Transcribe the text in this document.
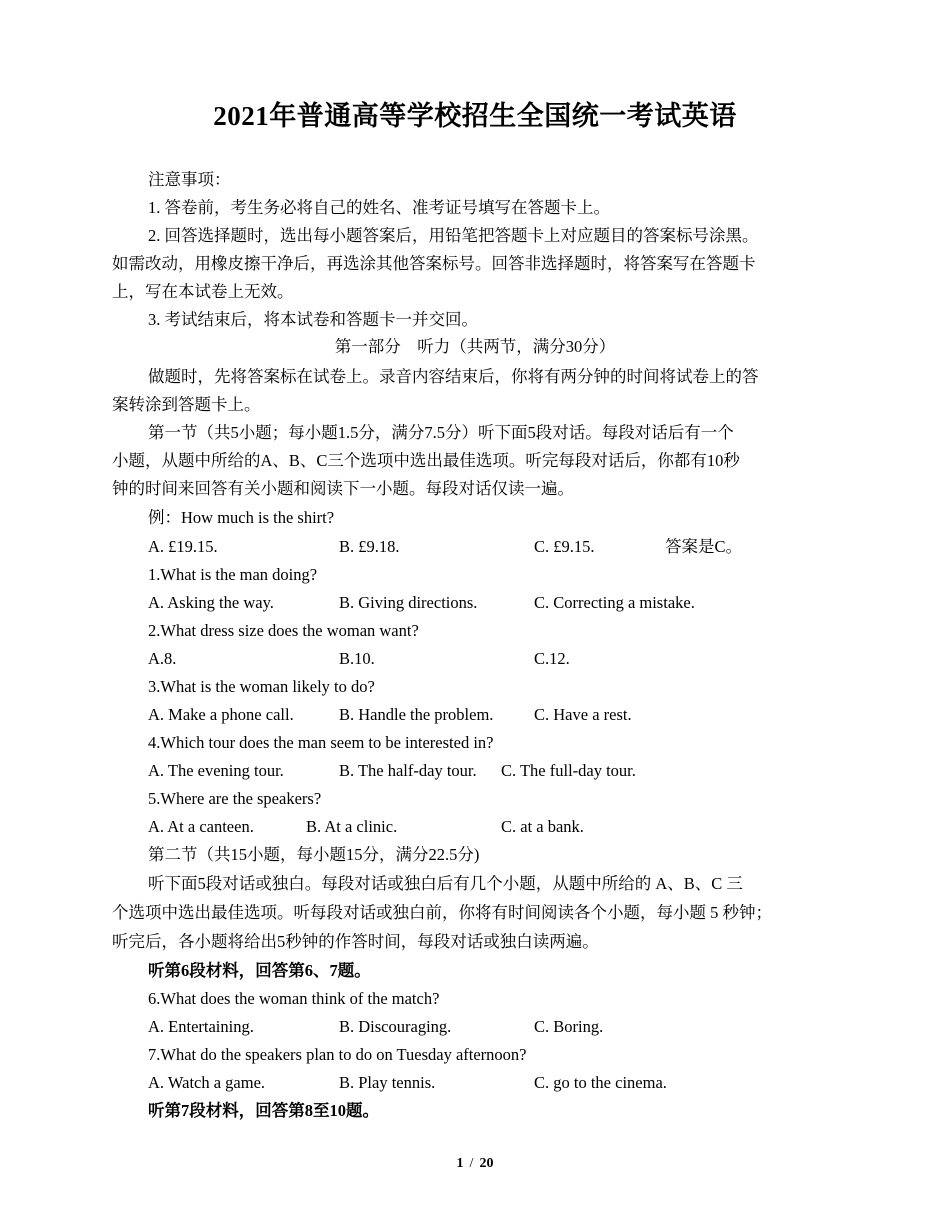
2021年普通高等学校招生全国统一考试英语
注意事项：
1. 答卷前，考生务必将自己的姓名、准考证号填写在答题卡上。
2. 回答选择题时，选出每小题答案后，用铅笔把答题卡上对应题目的答案标号涂黑。
如需改动，用橡皮擦干净后，再选涂其他答案标号。回答非选择题时，将答案写在答题卡
上，写在本试卷上无效。
3. 考试结束后，将本试卷和答题卡一并交回。
第一部分　听力（共两节，满分30分）
做题时，先将答案标在试卷上。录音内容结束后，你将有两分钟的时间将试卷上的答
案转涂到答题卡上。
第一节（共5小题；每小题1.5分，满分7.5分）听下面5段对话。每段对话后有一个
小题，从题中所给的A、B、C三个选项中选出最佳选项。听完每段对话后，你都有10秒
钟的时间来回答有关小题和阅读下一小题。每段对话仅读一遍。
例：How much is the shirt?
A. £19.15.	B. £9.18.	C. £9.15.	答案是C。
1.What is the man doing?
A. Asking the way.	B. Giving directions.	C. Correcting a mistake.
2.What dress size does the woman want?
A.8.	B.10.	C.12.
3.What is the woman likely to do?
A. Make a phone call.	B. Handle the problem. C. Have a rest.
4.Which tour does the man seem to be interested in?
A. The evening tour.	B. The half-day tour. C. The full-day tour.
5.Where are the speakers?
A. At a canteen.	B. At a clinic.	C. at a bank.
第二节（共15小题，每小题15分，满分22.5分)
听下面5段对话或独白。每段对话或独白后有几个小题，从题中所给的 A、B、C 三
个选项中选出最佳选项。听每段对话或独白前，你将有时间阅读各个小题，每小题 5 秒钟；
听完后，各小题将给出5秒钟的作答时间，每段对话或独白读两遍。
听第6段材料，回答第6、7题。
6.What does the woman think of the match?
A. Entertaining.	B. Discouraging.	C. Boring.
7.What do the speakers plan to do on Tuesday afternoon?
A. Watch a game.	B. Play tennis.	C. go to the cinema.
听第7段材料，回答第8至10题。
1 / 20
